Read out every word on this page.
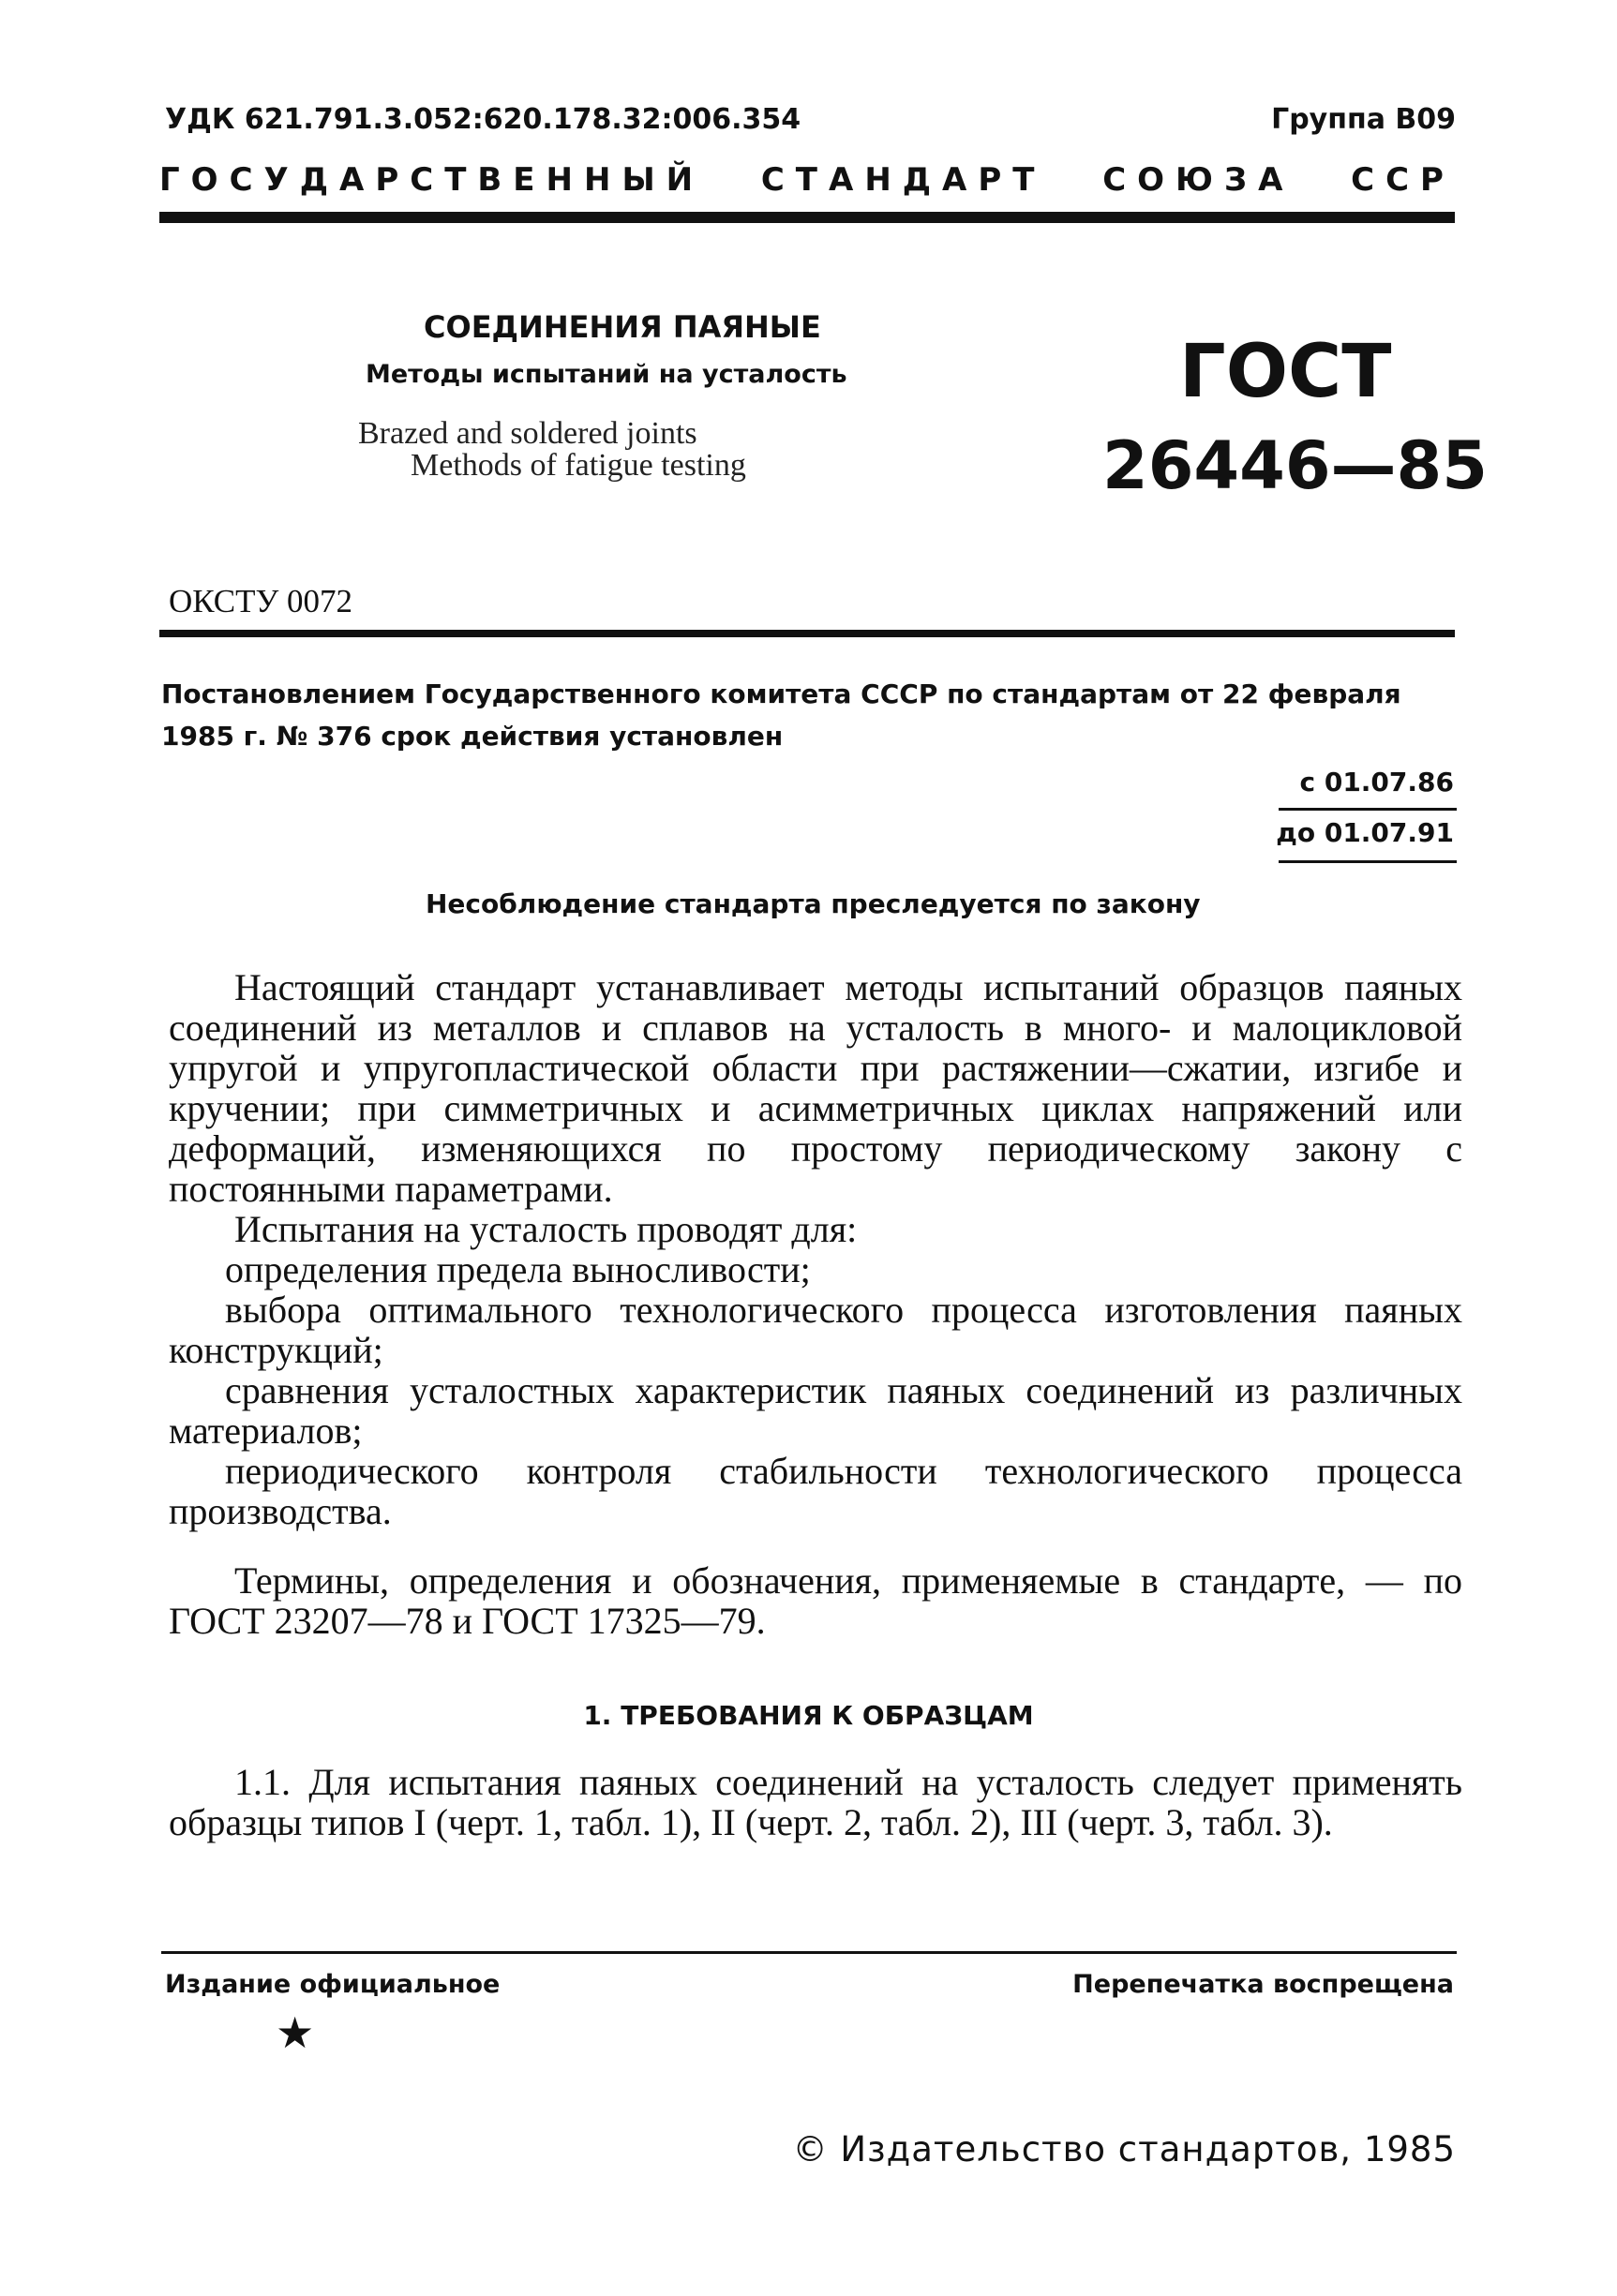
УДК 621.791.3.052:620.178.32:006.354	Группа В09
ГОСУДАРСТВЕННЫЙ СТАНДАРТ СОЮЗА ССР
СОЕДИНЕНИЯ ПАЯНЫЕ
Методы испытаний на усталость
Brazed and soldered joints
Methods of fatigue testing
ГОСТ
26446—85
ОКСТУ 0072

Постановлением Государственного комитета СССР по стандартам от 22 февраля 1985 г. № 376 срок действия установлен

с 01.07.86
до 01.07.91
Несоблюдение стандарта преследуется по закону

Настоящий стандарт устанавливает методы испытаний образцов паяных соединений из металлов и сплавов на усталость в много- и малоцикловой упругой и упругопластической области при растяжении—сжатии, изгибе и кручении; при симметричных и асимметричных циклах напряжений или деформаций, изменяющихся по простому периодическому закону с постоянными параметрами.

Испытания на усталость проводят для:

определения предела выносливости;
выбора оптимального технологического процесса изготовления паяных конструкций;
сравнения усталостных характеристик паяных соединений из различных материалов;
периодического контроля стабильности технологического процесса производства.

Термины, определения и обозначения, применяемые в стандарте, — по ГОСТ 23207—78 и ГОСТ 17325—79.

1. ТРЕБОВАНИЯ К ОБРАЗЦАМ

1.1. Для испытания паяных соединений на усталость следует применять образцы типов I (черт. 1, табл. 1), II (черт. 2, табл. 2), III (черт. 3, табл. 3).

Издание официальное	Перепечатка воспрещена
★
© Издательство стандартов, 1985
